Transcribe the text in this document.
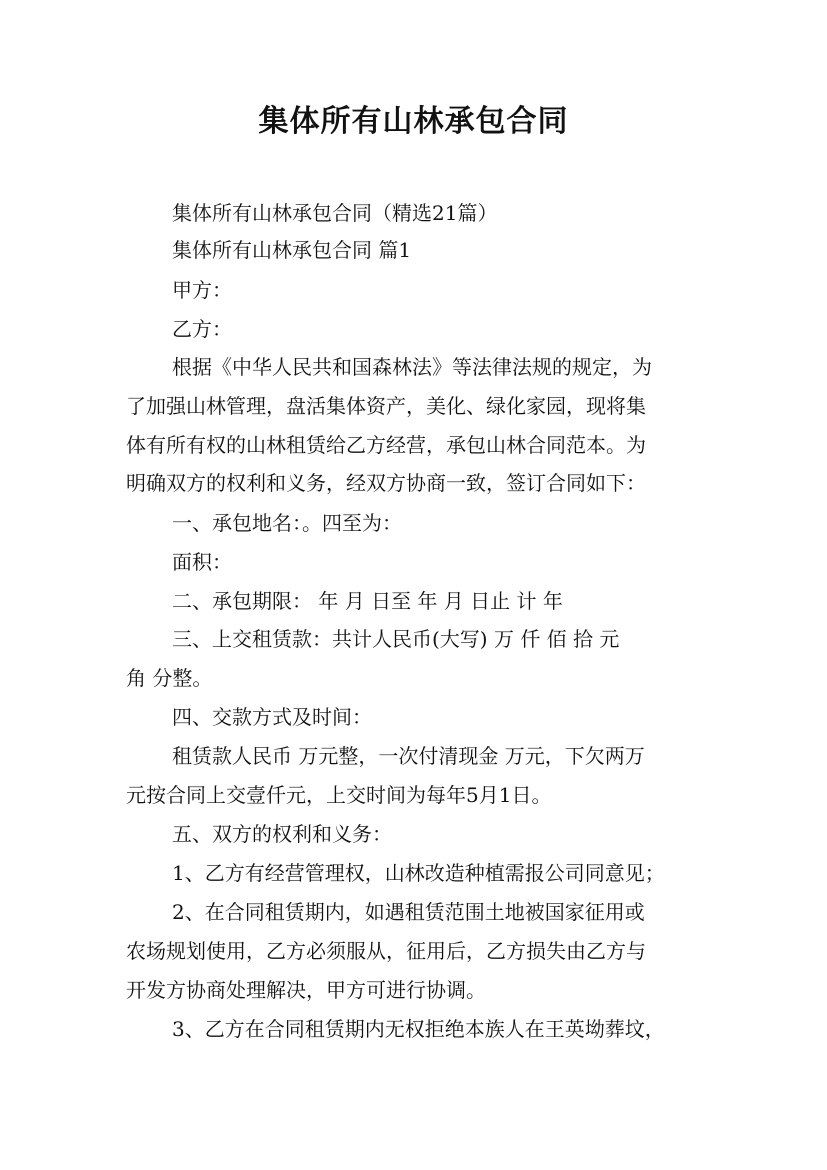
集体所有山林承包合同
集体所有山林承包合同（精选21篇）
集体所有山林承包合同 篇1
甲方：
乙方：
根据《中华人民共和国森林法》等法律法规的规定，为
了加强山林管理，盘活集体资产，美化、绿化家园，现将集
体有所有权的山林租赁给乙方经营，承包山林合同范本。为
明确双方的权利和义务，经双方协商一致，签订合同如下：
一、承包地名：。四至为：
面积：
二、承包期限： 年 月 日至 年 月 日止 计 年
三、上交租赁款：共计人民币(大写) 万 仟 佰 拾 元
角 分整。
四、交款方式及时间：
租赁款人民币 万元整，一次付清现金 万元，下欠两万
元按合同上交壹仟元，上交时间为每年5月1日。
五、双方的权利和义务：
1、乙方有经营管理权，山林改造种植需报公司同意见；
2、在合同租赁期内，如遇租赁范围土地被国家征用或
农场规划使用，乙方必须服从，征用后，乙方损失由乙方与
开发方协商处理解决，甲方可进行协调。
3、乙方在合同租赁期内无权拒绝本族人在王英坳葬坟，
